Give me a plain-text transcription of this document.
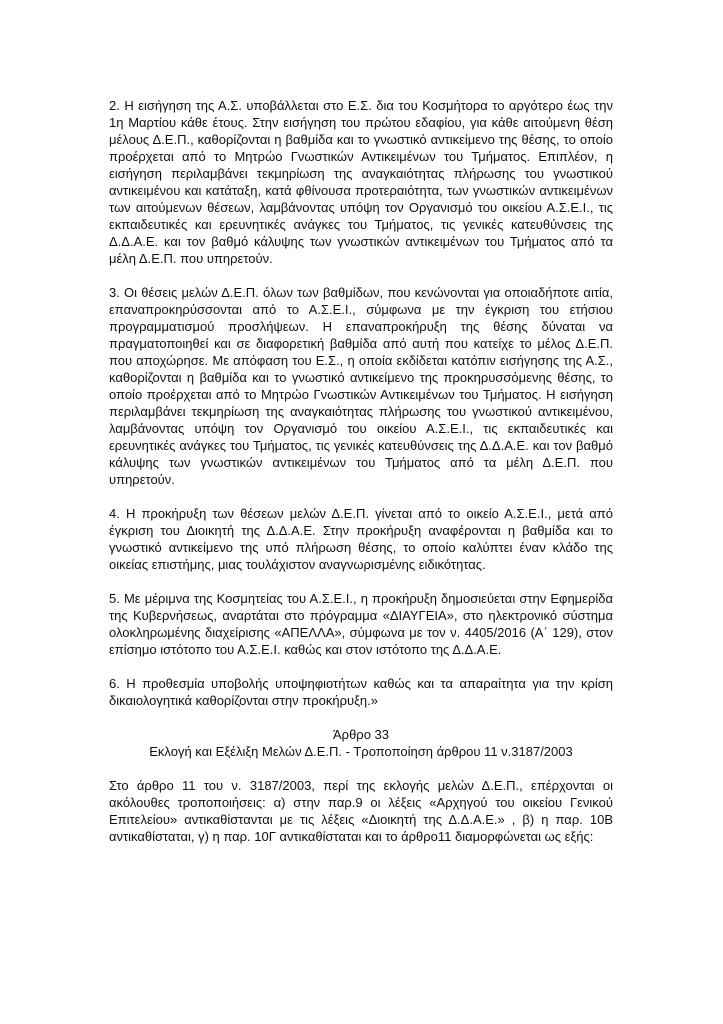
2. Η εισήγηση της Α.Σ. υποβάλλεται στο Ε.Σ. δια του Κοσμήτορα το αργότερο έως την 1η Μαρτίου κάθε έτους. Στην εισήγηση του πρώτου εδαφίου, για κάθε αιτούμενη θέση μέλους Δ.Ε.Π., καθορίζονται η βαθμίδα και το γνωστικό αντικείμενο της θέσης, το οποίο προέρχεται από το Μητρώο Γνωστικών Αντικειμένων του Τμήματος. Επιπλέον, η εισήγηση περιλαμβάνει τεκμηρίωση της αναγκαιότητας πλήρωσης του γνωστικού αντικειμένου και κατάταξη, κατά φθίνουσα προτεραιότητα, των γνωστικών αντικειμένων των αιτούμενων θέσεων, λαμβάνοντας υπόψη τον Οργανισμό του οικείου Α.Σ.Ε.Ι., τις εκπαιδευτικές και ερευνητικές ανάγκες του Τμήματος, τις γενικές κατευθύνσεις της Δ.Δ.Α.Ε. και τον βαθμό κάλυψης των γνωστικών αντικειμένων του Τμήματος από τα μέλη Δ.Ε.Π. που υπηρετούν.

3. Οι θέσεις μελών Δ.Ε.Π. όλων των βαθμίδων, που κενώνονται για οποιαδήποτε αιτία, επαναπροκηρύσσονται από το Α.Σ.Ε.Ι., σύμφωνα με την έγκριση του ετήσιου προγραμματισμού προσλήψεων. Η επαναπροκήρυξη της θέσης δύναται να πραγματοποιηθεί και σε διαφορετική βαθμίδα από αυτή που κατείχε το μέλος Δ.Ε.Π. που αποχώρησε. Με απόφαση του Ε.Σ., η οποία εκδίδεται κατόπιν εισήγησης της Α.Σ., καθορίζονται η βαθμίδα και το γνωστικό αντικείμενο της προκηρυσσόμενης θέσης, το οποίο προέρχεται από το Μητρώο Γνωστικών Αντικειμένων του Τμήματος. Η εισήγηση περιλαμβάνει τεκμηρίωση της αναγκαιότητας πλήρωσης του γνωστικού αντικειμένου, λαμβάνοντας υπόψη τον Οργανισμό του οικείου Α.Σ.Ε.Ι., τις εκπαιδευτικές και ερευνητικές ανάγκες του Τμήματος, τις γενικές κατευθύνσεις της Δ.Δ.Α.Ε. και τον βαθμό κάλυψης των γνωστικών αντικειμένων του Τμήματος από τα μέλη Δ.Ε.Π. που υπηρετούν.

4. Η προκήρυξη των θέσεων μελών Δ.Ε.Π. γίνεται από το οικείο Α.Σ.Ε.Ι., μετά από έγκριση του Διοικητή της Δ.Δ.Α.Ε. Στην προκήρυξη αναφέρονται η βαθμίδα και το γνωστικό αντικείμενο της υπό πλήρωση θέσης, το οποίο καλύπτει έναν κλάδο της οικείας επιστήμης, μιας τουλάχιστον αναγνωρισμένης ειδικότητας.

5. Με μέριμνα της Κοσμητείας του Α.Σ.Ε.Ι., η προκήρυξη δημοσιεύεται στην Εφημερίδα της Κυβερνήσεως, αναρτάται στο πρόγραμμα «ΔΙΑΥΓΕΙΑ», στο ηλεκτρονικό σύστημα ολοκληρωμένης διαχείρισης «ΑΠΕΛΛΑ», σύμφωνα με τον ν. 4405/2016 (Α΄ 129), στον επίσημο ιστότοπο του Α.Σ.Ε.Ι. καθώς και στον ιστότοπο της Δ.Δ.Α.Ε.

6. Η προθεσμία υποβολής υποψηφιοτήτων καθώς και τα απαραίτητα για την κρίση δικαιολογητικά καθορίζονται στην προκήρυξη.»

Άρθρο 33

Εκλογή και Εξέλιξη Μελών Δ.Ε.Π. - Τροποποίηση άρθρου 11 ν.3187/2003

Στο άρθρο 11 του ν. 3187/2003, περί της εκλογής μελών Δ.Ε.Π., επέρχονται οι ακόλουθες τροποποιήσεις: α) στην παρ.9 οι λέξεις «Αρχηγού του οικείου Γενικού Επιτελείου» αντικαθίστανται με τις λέξεις «Διοικητή της Δ.Δ.Α.Ε.» , β) η παρ. 10Β αντικαθίσταται, γ) η παρ. 10Γ αντικαθίσταται και το άρθρο11 διαμορφώνεται ως εξής:
